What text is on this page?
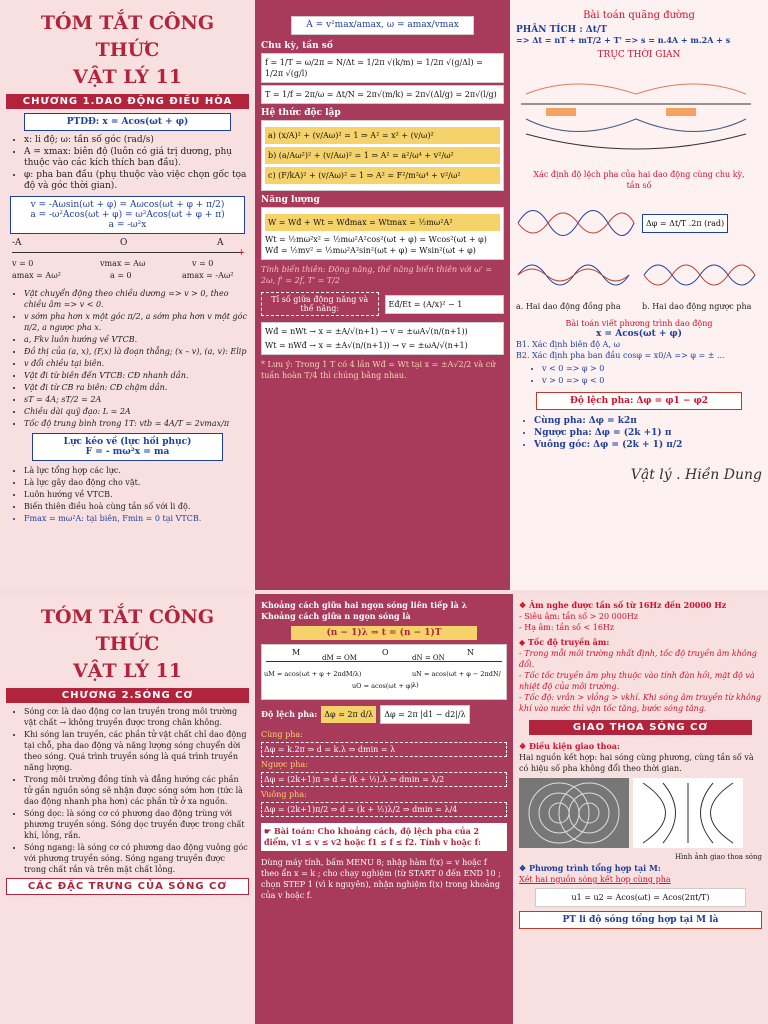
TÓM TẮT CÔNG THỨC
VẬT LÝ 11
CHƯƠNG 1.DAO ĐỘNG ĐIỀU HÒA
PTDĐ: x = Acos(ωt + φ)
• x: li độ; ω: tần số góc (rad/s)
• A = xmax: biên độ (luôn có giá trị dương, phụ thuộc vào các kích thích ban đầu).
• φ: pha ban đầu (phụ thuộc vào việc chọn gốc tọa độ và góc thời gian).
v = -Aωsin(ωt + φ) = Aωcos(ωt + φ + π/2)
a = -ω²Acos(ωt + φ) = ω²Acos(ωt + φ + π)
a = -ω²x
+
-A	O	A
v = 0	vmax = Aω	v = 0
amax = Aω²	a = 0	amax = -Aω²
• Vật chuyển động theo chiều dương => v > 0, theo chiều âm => v < 0.
• v sớm pha hơn x một góc π/2, a sớm pha hơn v một góc π/2, a ngược pha x.
• a, Fkv luôn hướng về VTCB.
• Đồ thị của (a, x), (F,x) là đoạn thẳng; (x – v), (a, v): Elip
• v đổi chiều tại biên.
• Vật đi từ biên đến VTCB: CĐ nhanh dần.
• Vật đi từ CB ra biên: CĐ chậm dần.
• sT = 4A; sT/2 = 2A
• Chiều dài quỹ đạo: L = 2A
• Tốc độ trung bình trong 1T: vtb = 4A/T = 2vmax/π
Lực kéo về (lực hồi phục)
F = - mω²x = ma
• Là lực tổng hợp các lực.
• Là lực gây dao động cho vật.
• Luôn hướng về VTCB.
• Biến thiên điều hoà cùng tần số với li độ.
• Fmax = mω²A: tại biên, Fmin = 0 tại VTCB.
A = v²max/amax, ω = amax/vmax
Chu kỳ, tần số
f = 1/T = ω/2π = N/Δt = 1/2π √(k/m) = 1/2π √(g/Δl) = 1/2π √(g/l)
T = 1/f = 2π/ω = Δt/N = 2π√(m/k) = 2π√(Δl/g) = 2π√(l/g)
Hệ thức độc lập
a) (x/A)² + (v/Aω)² = 1 ⇒ A² = x² + (v/ω)²
b) (a/Aω²)² + (v/Aω)² = 1 ⇒ A² = a²/ω⁴ + v²/ω²
c) (F/kA)² + (v/Aω)² = 1 ⇒ A² = F²/m²ω⁴ + v²/ω²
Năng lượng
W = Wđ + Wt = Wđmax = Wtmax = ½mω²A²
Wt = ½mω²x² = ½mω²A²cos²(ωt + φ) = Wcos²(ωt + φ)
Wđ = ½mv² = ½mω²A²sin²(ωt + φ) = Wsin²(ωt + φ)
Tính biến thiên: Động năng, thế năng biến thiên với ω' = 2ω, f' = 2f, T' = T/2
Tỉ số giữa động năng và thế năng:	Eđ/Et = (A/x)² − 1
Wđ = nWt → x = ±A/√(n+1) → v = ±ωA√(n/(n+1))
Wt = nWđ → x = ±A√(n/(n+1)) → v = ±ωA/√(n+1)
* Lưu ý: Trong 1 T có 4 lần Wđ = Wt tại x = ±A√2/2 và cứ tuần hoàn T/4 thì chúng bằng nhau.
Bài toán quãng đường
PHÂN TÍCH : Δt/T
=> Δt = nT + mT/2 + T' => s = n.4A + m.2A + s
TRỤC THỜI GIAN
Xác định độ lệch pha của hai dao động cùng chu kỳ, tần số
Δφ = Δt/T .2π (rad)
a. Hai dao động đồng pha	b. Hai dao động ngược pha
Bài toán viết phương trình dao động
x = Acos(ωt + φ)
B1. Xác định biên độ A, ω
B2. Xác định pha ban đầu cosφ = x0/A => φ = ± ...
• v < 0 => φ > 0
• v > 0 => φ < 0
Độ lệch pha: Δφ = φ1 − φ2
• Cùng pha: Δφ = k2π
• Ngược pha: Δφ = (2k +1) π
• Vuông góc: Δφ = (2k + 1) π/2
Vật lý . Hiền Dung
TÓM TẮT CÔNG THỨC
VẬT LÝ 11
CHƯƠNG 2.SÓNG CƠ
• Sóng cơ: là dao động cơ lan truyền trong môi trường vật chất → không truyền được trong chân không.
• Khi sóng lan truyền, các phần tử vật chất chỉ dao động tại chỗ, pha dao động và năng lượng sóng chuyển dời theo sóng. Quá trình truyền sóng là quá trình truyền năng lượng.
• Trong môi trường đồng tính và đẳng hướng các phần tử gần nguồn sóng sẽ nhận được sóng sớm hơn (tức là dao động nhanh pha hơn) các phần tử ở xa nguồn.
• Sóng dọc: là sóng cơ có phương dao động trùng với phương truyền sóng. Sóng dọc truyền được trong chất khí, lỏng, rắn.
• Sóng ngang: là sóng cơ có phương dao động vuông góc với phương truyền sóng. Sóng ngang truyền được trong chất rắn và trên mặt chất lỏng.
CÁC ĐẶC TRƯNG CỦA SÓNG CƠ
Khoảng cách giữa hai ngọn sóng liên tiếp là λ
Khoảng cách giữa n ngọn sóng là
(n − 1)λ ⇒ t = (n − 1)T
M	O	N
dM = OM	dN = ON
uM = acos(ωt + φ + 2πdM/λ)
uO = acos(ωt + φ)
uN = acos(ωt + φ − 2πdN/λ)
Độ lệch pha: Δφ = 2π d/λ	Δφ = 2π |d1 − d2|/λ
Cùng pha:
Δφ = k.2π ⇒ d = k.λ ⇒ dmin = λ
Ngược pha:
Δφ = (2k+1)π ⇒ d = (k + ½).λ ⇒ dmin = λ/2
Vuông pha:
Δφ = (2k+1)π/2 ⇒ d = (k + ½)λ/2 ⇒ dmin = λ/4
☛ Bài toán: Cho khoảng cách, độ lệch pha của 2 điểm, v1 ≤ v ≤ v2 hoặc f1 ≤ f ≤ f2. Tính v hoặc f:
Dùng máy tính, bấm MENU 8; nhập hàm f(x) = v hoặc f theo ẩn x = k ; cho chạy nghiệm (từ START 0 đến END 10 ; chọn STEP 1 (vì k nguyên), nhận nghiệm f(x) trong khoảng của v hoặc f.
❖ Âm nghe được tần số từ 16Hz đến 20000 Hz
- Siêu âm: tần số > 20 000Hz
- Hạ âm: tần số < 16Hz
◆ Tốc độ truyền âm:
- Trong mỗi môi trường nhất định, tốc độ truyền âm không đổi.
- Tốc tốc truyền âm phụ thuộc vào tính đàn hồi, mật độ và nhiệt độ của môi trường.
- Tốc độ: vrắn > vlỏng > vkhí. Khi sóng âm truyền từ không khí vào nước thì vận tốc tăng, bước sóng tăng.
GIAO THOA SÓNG CƠ
❖ Điều kiện giao thoa:
Hai nguồn kết hợp: hai sóng cùng phương, cùng tần số và có hiệu số pha không đổi theo thời gian.
Hình ảnh giao thoa sóng
❖ Phương trình tổng hợp tại M:
Xét hai nguồn sóng kết hợp cùng pha
u1 = u2 = Acos(ωt) = Acos(2πt/T)
PT li độ sóng tổng hợp tại M là
